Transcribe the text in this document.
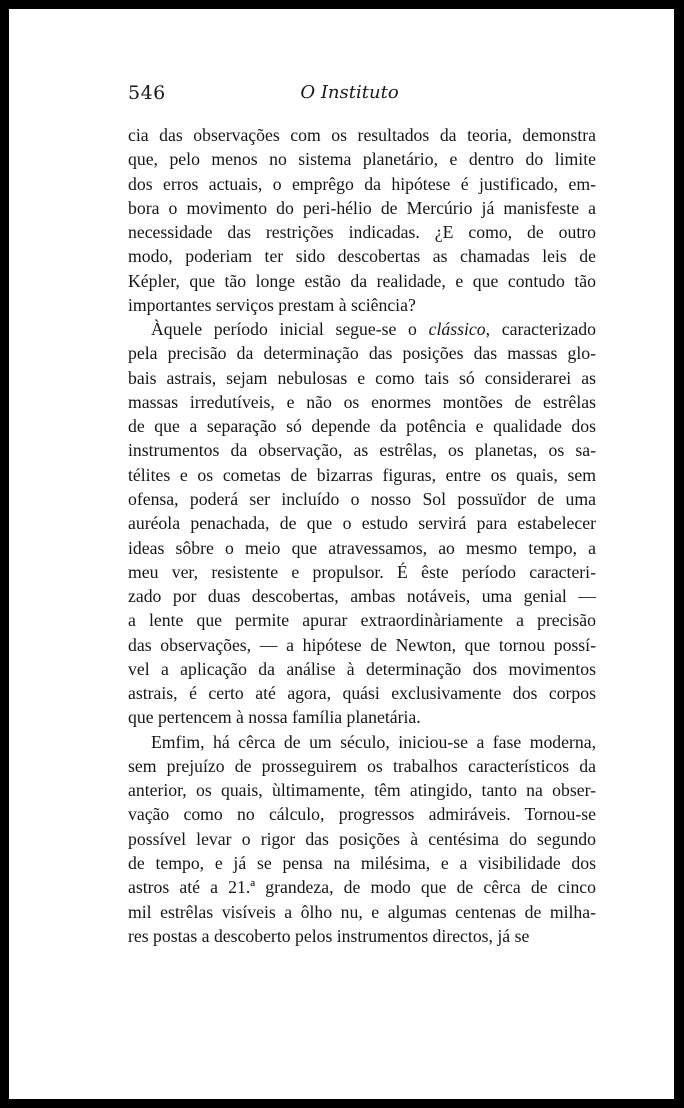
546	O Instituto
cia das observações com os resultados da teoria, demonstra
que, pelo menos no sistema planetário, e dentro do limite
dos erros actuais, o emprêgo da hipótese é justificado, em-
bora o movimento do peri-hélio de Mercúrio já manisfeste a
necessidade das restrições indicadas. ¿E como, de outro
modo, poderiam ter sido descobertas as chamadas leis de
Képler, que tão longe estão da realidade, e que contudo tão
importantes serviços prestam à sciência?
Àquele período inicial segue-se o clássico, caracterizado
pela precisão da determinação das posições das massas glo-
bais astrais, sejam nebulosas e como tais só considerarei as
massas irredutíveis, e não os enormes montões de estrêlas
de que a separação só depende da potência e qualidade dos
instrumentos da observação, as estrêlas, os planetas, os sa-
télites e os cometas de bizarras figuras, entre os quais, sem
ofensa, poderá ser incluído o nosso Sol possuïdor de uma
auréola penachada, de que o estudo servirá para estabelecer
ideas sôbre o meio que atravessamos, ao mesmo tempo, a
meu ver, resistente e propulsor. É êste período caracteri-
zado por duas descobertas, ambas notáveis, uma genial —
a lente que permite apurar extraordinàriamente a precisão
das observações, — a hipótese de Newton, que tornou possí-
vel a aplicação da análise à determinação dos movimentos
astrais, é certo até agora, quási exclusivamente dos corpos
que pertencem à nossa família planetária.
Emfim, há cêrca de um século, iniciou-se a fase moderna,
sem prejuízo de prosseguirem os trabalhos característicos da
anterior, os quais, ùltimamente, têm atingido, tanto na obser-
vação como no cálculo, progressos admiráveis. Tornou-se
possível levar o rigor das posições à centésima do segundo
de tempo, e já se pensa na milésima, e a visibilidade dos
astros até a 21.ª grandeza, de modo que de cêrca de cinco
mil estrêlas visíveis a ôlho nu, e algumas centenas de milha-
res postas a descoberto pelos instrumentos directos, já se
